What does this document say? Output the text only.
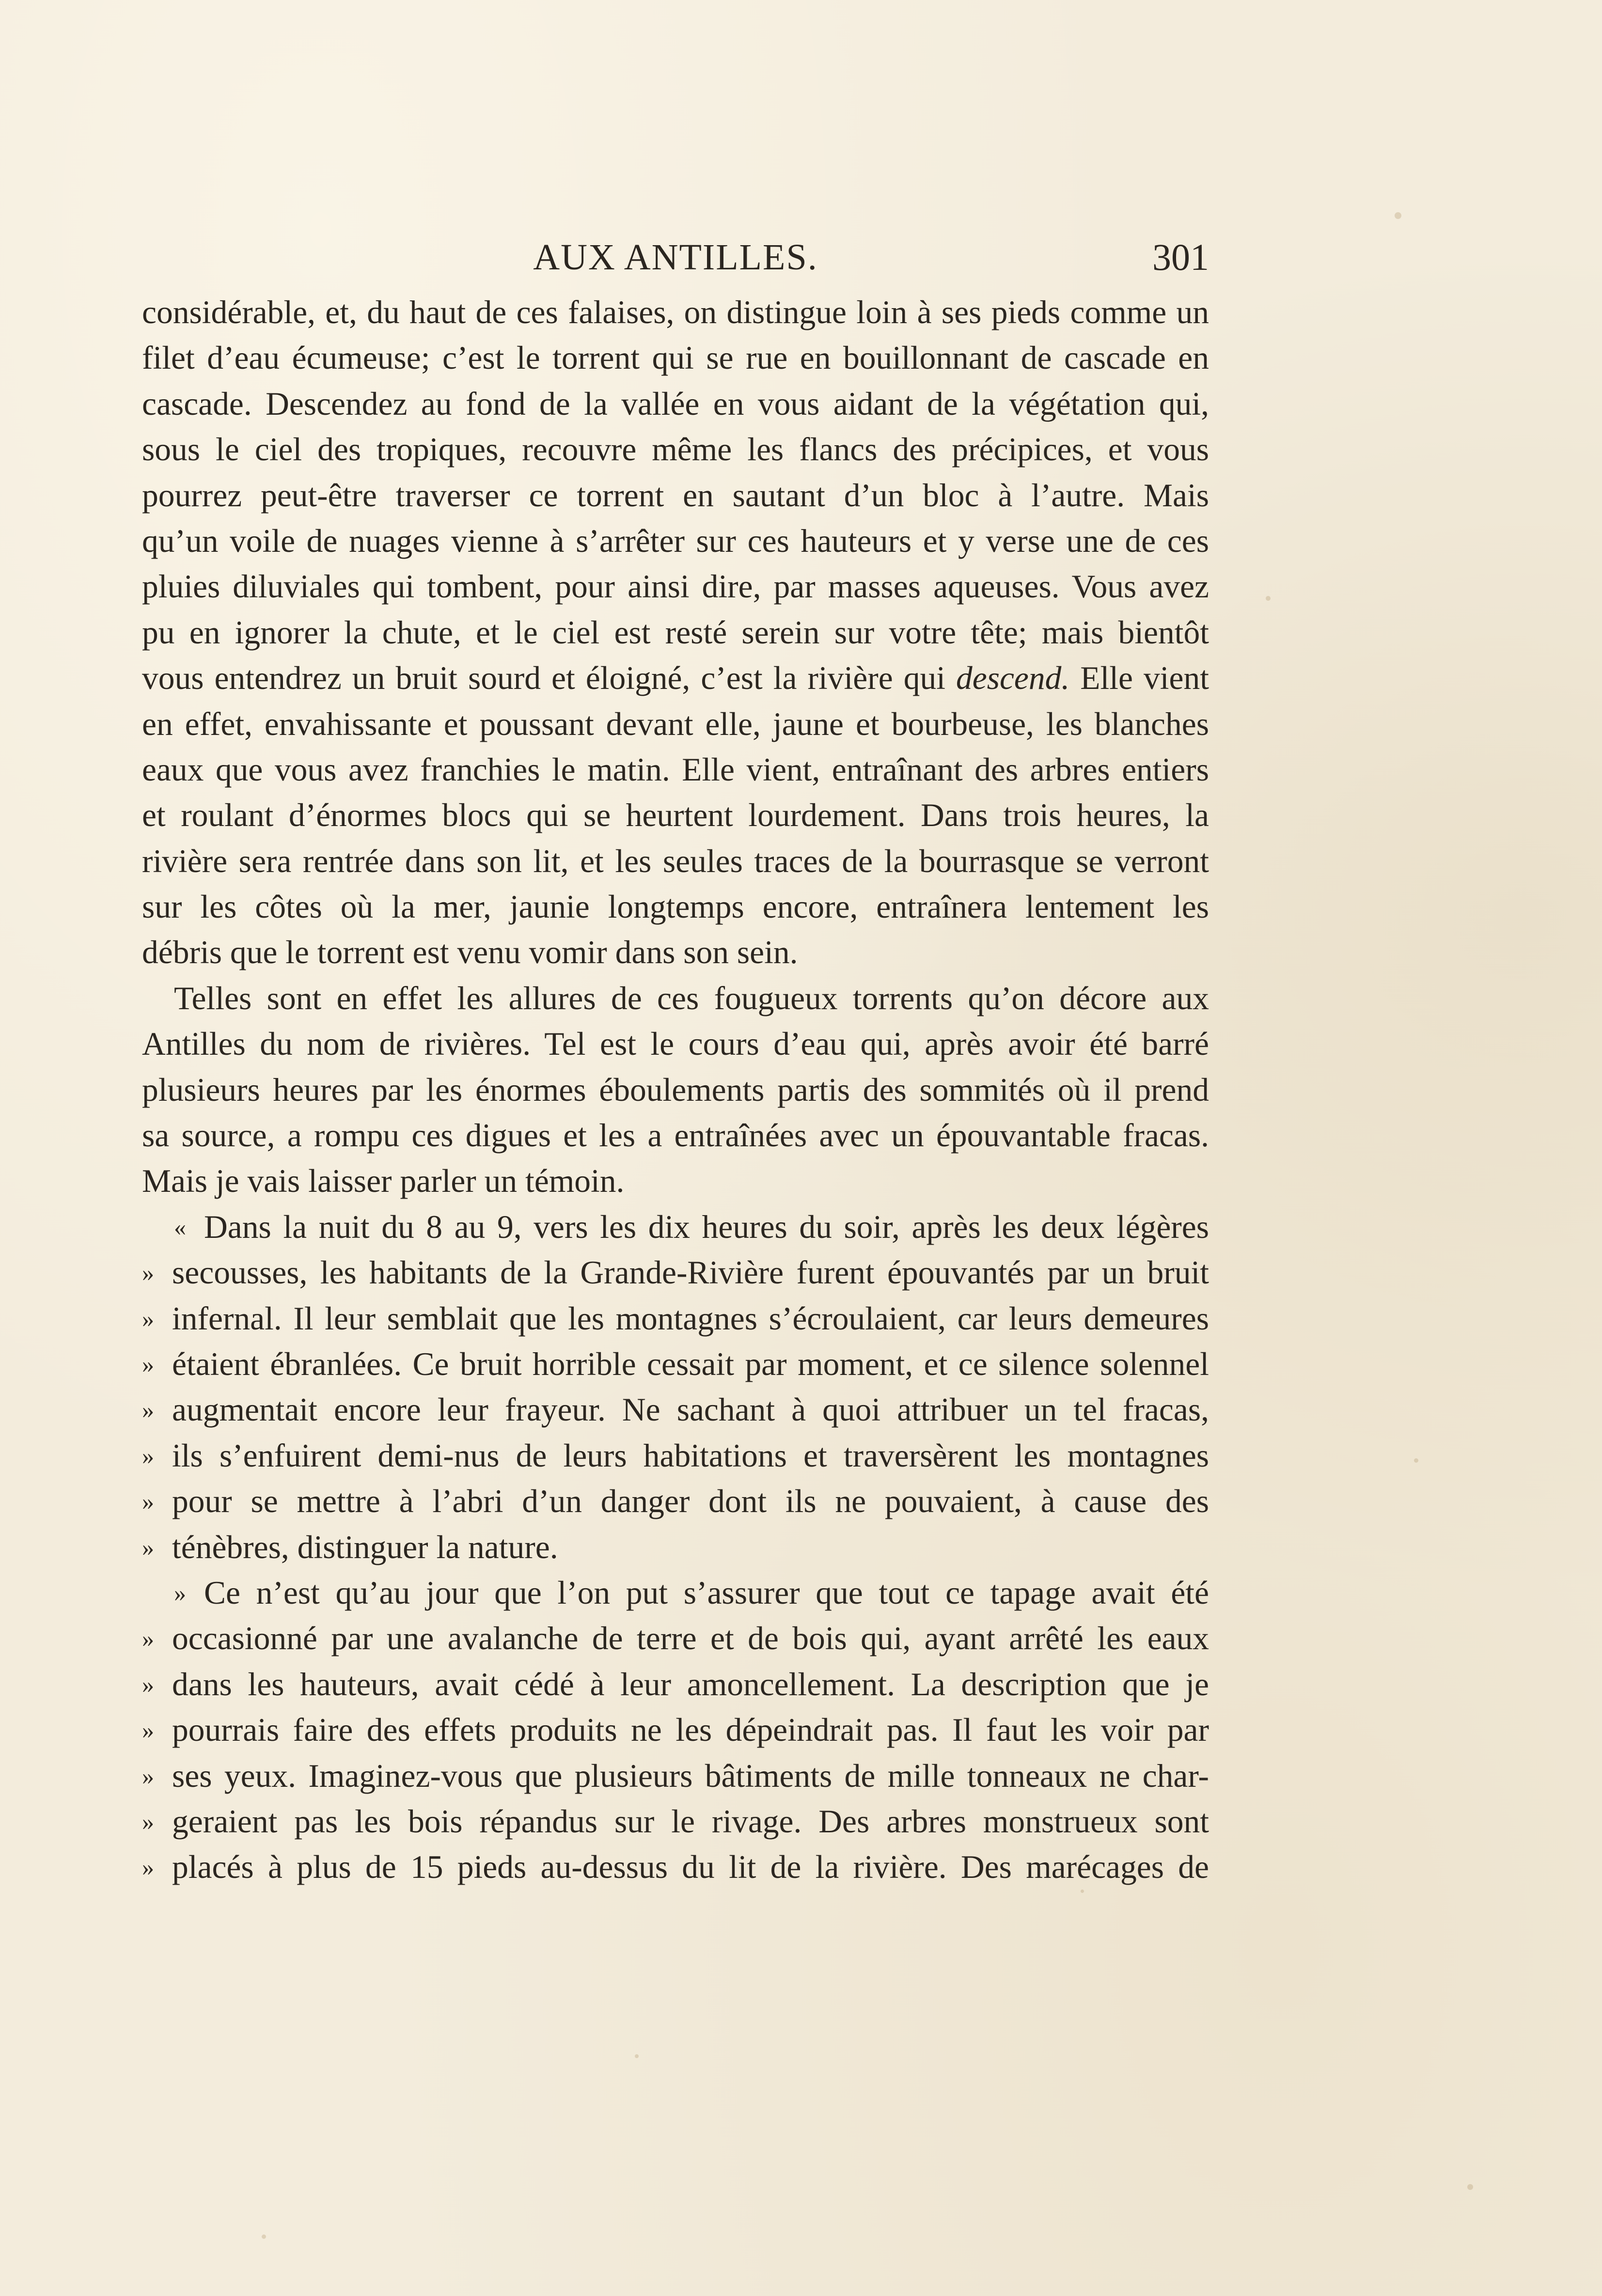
AUX ANTILLES.	301
considérable, et, du haut de ces falaises, on distingue loin à ses pieds comme un
filet d’eau écumeuse; c’est le torrent qui se rue en bouillonnant de cascade en
cascade. Descendez au fond de la vallée en vous aidant de la végétation qui,
sous le ciel des tropiques, recouvre même les flancs des précipices, et vous
pourrez peut-être traverser ce torrent en sautant d’un bloc à l’autre. Mais
qu’un voile de nuages vienne à s’arrêter sur ces hauteurs et y verse une de ces
pluies diluviales qui tombent, pour ainsi dire, par masses aqueuses. Vous avez
pu en ignorer la chute, et le ciel est resté serein sur votre tête; mais bientôt
vous entendrez un bruit sourd et éloigné, c’est la rivière qui descend. Elle vient
en effet, envahissante et poussant devant elle, jaune et bourbeuse, les blanches
eaux que vous avez franchies le matin. Elle vient, entraînant des arbres entiers
et roulant d’énormes blocs qui se heurtent lourdement. Dans trois heures, la
rivière sera rentrée dans son lit, et les seules traces de la bourrasque se verront
sur les côtes où la mer, jaunie longtemps encore, entraînera lentement les
débris que le torrent est venu vomir dans son sein.
Telles sont en effet les allures de ces fougueux torrents qu’on décore aux
Antilles du nom de rivières. Tel est le cours d’eau qui, après avoir été barré
plusieurs heures par les énormes éboulements partis des sommités où il prend
sa source, a rompu ces digues et les a entraînées avec un épouvantable fracas.
Mais je vais laisser parler un témoin.
« Dans la nuit du 8 au 9, vers les dix heures du soir, après les deux légères
» secousses, les habitants de la Grande-Rivière furent épouvantés par un bruit
» infernal. Il leur semblait que les montagnes s’écroulaient, car leurs demeures
» étaient ébranlées. Ce bruit horrible cessait par moment, et ce silence solennel
» augmentait encore leur frayeur. Ne sachant à quoi attribuer un tel fracas,
» ils s’enfuirent demi-nus de leurs habitations et traversèrent les montagnes
» pour se mettre à l’abri d’un danger dont ils ne pouvaient, à cause des
» ténèbres, distinguer la nature.
» Ce n’est qu’au jour que l’on put s’assurer que tout ce tapage avait été
» occasionné par une avalanche de terre et de bois qui, ayant arrêté les eaux
» dans les hauteurs, avait cédé à leur amoncellement. La description que je
» pourrais faire des effets produits ne les dépeindrait pas. Il faut les voir par
» ses yeux. Imaginez-vous que plusieurs bâtiments de mille tonneaux ne char-
» geraient pas les bois répandus sur le rivage. Des arbres monstrueux sont
» placés à plus de 15 pieds au-dessus du lit de la rivière. Des marécages de
